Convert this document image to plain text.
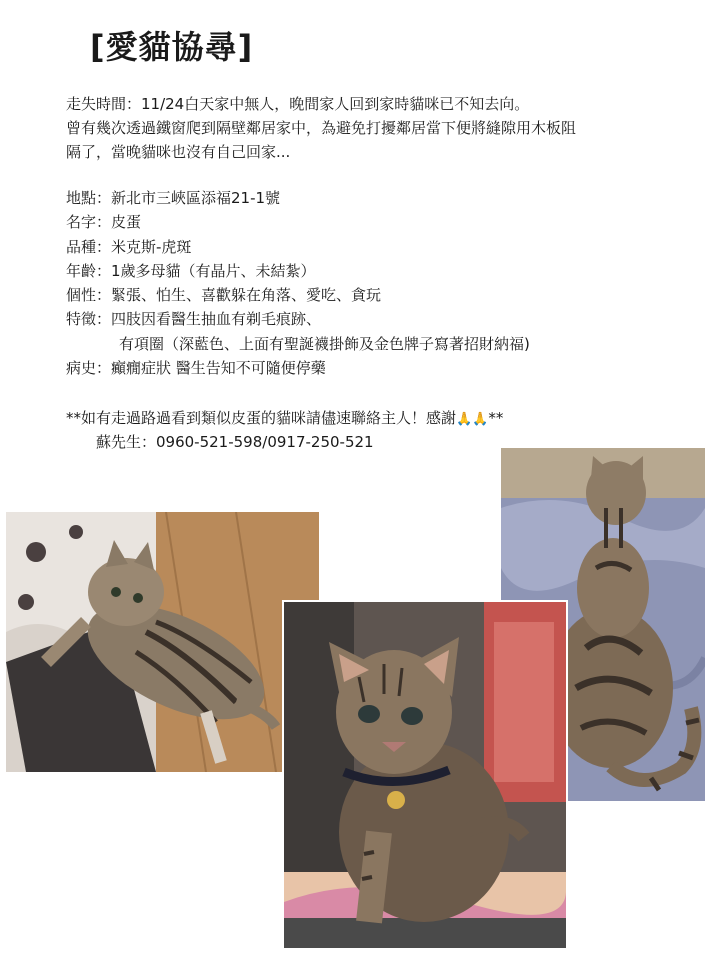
[愛貓協尋]
走失時間：11/24白天家中無人，晚間家人回到家時貓咪已不知去向。
曾有幾次透過鐵窗爬到隔壁鄰居家中，為避免打擾鄰居當下便將縫隙用木板阻
隔了，當晚貓咪也沒有自己回家...
地點：新北市三峽區添福21-1號
名字：皮蛋
品種：米克斯-虎斑
年齡：1歲多母貓（有晶片、未結紮）
個性：緊張、怕生、喜歡躲在角落、愛吃、貪玩
特徵：四肢因看醫生抽血有剃毛痕跡、
有項圈（深藍色、上面有聖誕襪掛飾及金色牌子寫著招財納福)
病史：癲癇症狀 醫生告知不可隨便停藥

**如有走過路過看到類似皮蛋的貓咪請儘速聯絡主人！感謝🙏🙏**

蘇先生：0960-521-598/0917-250-521
